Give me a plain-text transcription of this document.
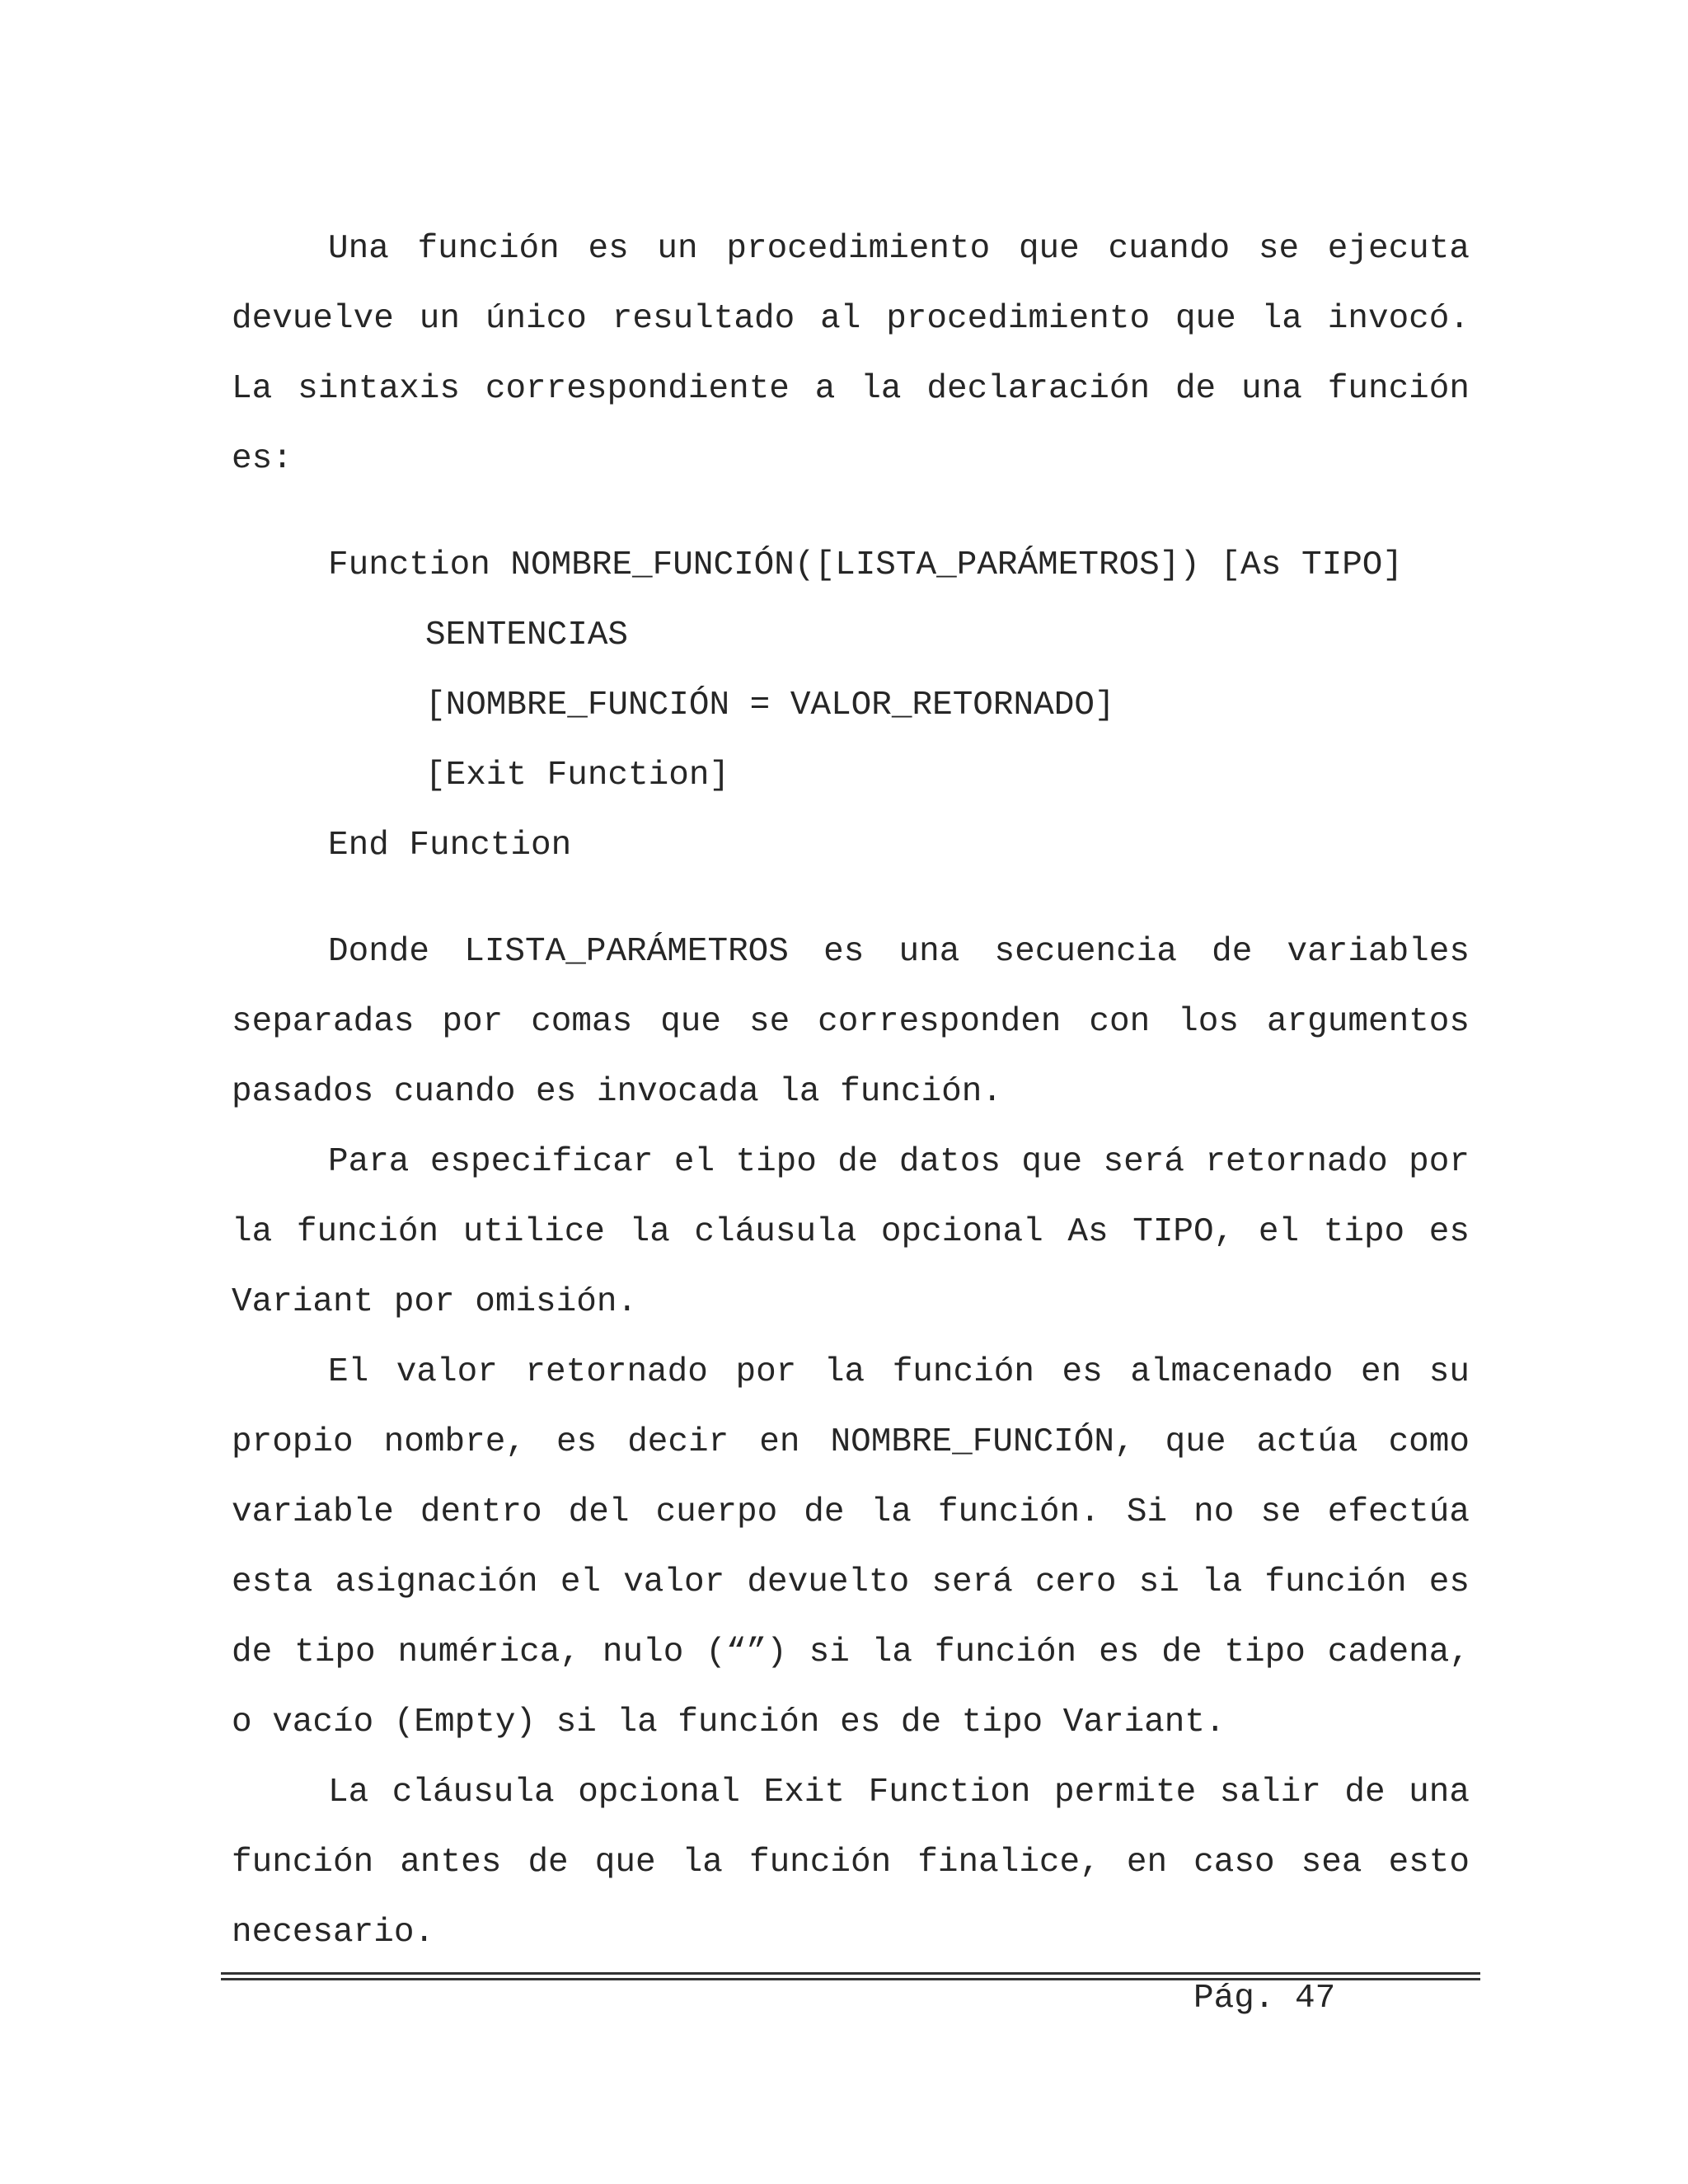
Una función es un procedimiento que cuando se ejecuta devuelve un único resultado al procedimiento que la invocó. La sintaxis correspondiente a la declaración de una función es:

Function NOMBRE_FUNCIÓN([LISTA_PARÁMETROS]) [As TIPO]

SENTENCIAS

[NOMBRE_FUNCIÓN = VALOR_RETORNADO]

[Exit Function]

End Function

Donde LISTA_PARÁMETROS es una secuencia de variables separadas por comas que se corresponden con los argumentos pasados cuando es invocada la función.

Para especificar el tipo de datos que será retornado por la función utilice la cláusula opcional As TIPO, el tipo es Variant por omisión.

El valor retornado por la función es almacenado en su propio nombre, es decir en NOMBRE_FUNCIÓN, que actúa como variable dentro del cuerpo de la función. Si no se efectúa esta asignación el valor devuelto será cero si la función es de tipo numérica, nulo (“”) si la función es de tipo cadena, o vacío (Empty) si la función es de tipo Variant.

La cláusula opcional Exit Function permite salir de una función antes de que la función finalice, en caso sea esto necesario.

Pág. 47
